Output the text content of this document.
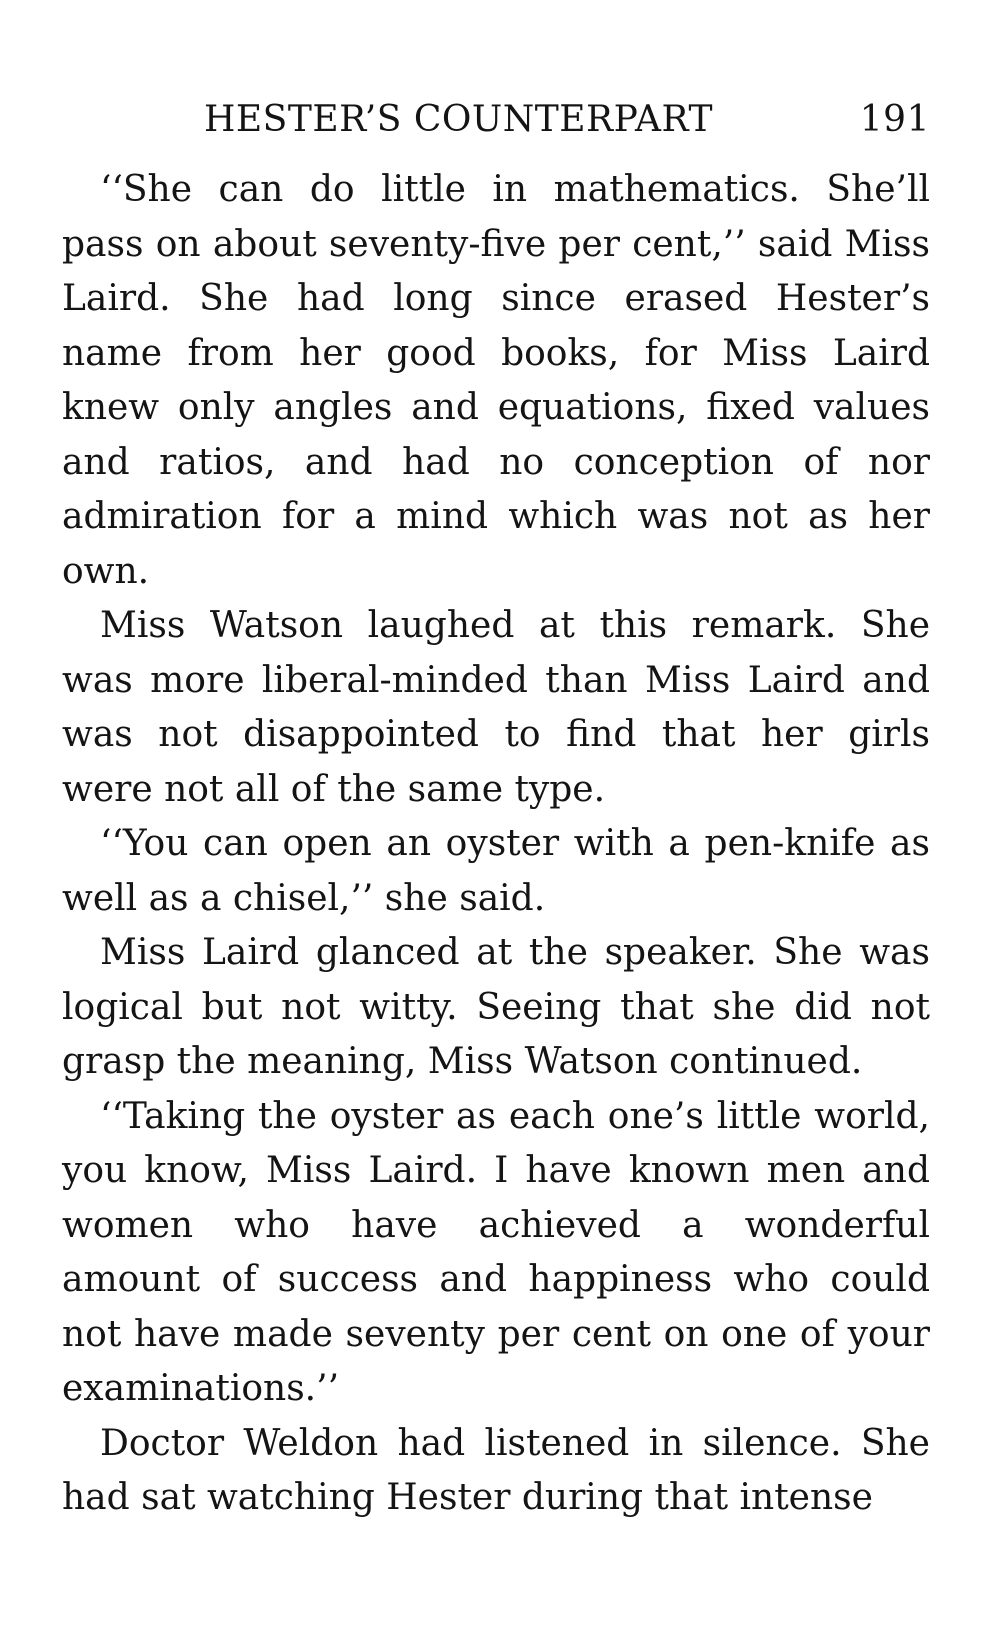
HESTER’S COUNTERPART	191

‘‘She can do little in mathematics. She’ll pass on about seventy-five per cent,’’ said Miss Laird. She had long since erased Hester’s name from her good books, for Miss Laird knew only angles and equations, fixed values and ratios, and had no conception of nor admiration for a mind which was not as her own.

Miss Watson laughed at this remark. She was more liberal-minded than Miss Laird and was not disappointed to find that her girls were not all of the same type.

‘‘You can open an oyster with a pen-knife as well as a chisel,’’ she said.

Miss Laird glanced at the speaker. She was logical but not witty. Seeing that she did not grasp the meaning, Miss Watson continued.

‘‘Taking the oyster as each one’s little world, you know, Miss Laird. I have known men and women who have achieved a wonderful amount of success and happiness who could not have made seventy per cent on one of your examinations.’’

Doctor Weldon had listened in silence. She had sat watching Hester during that intense
